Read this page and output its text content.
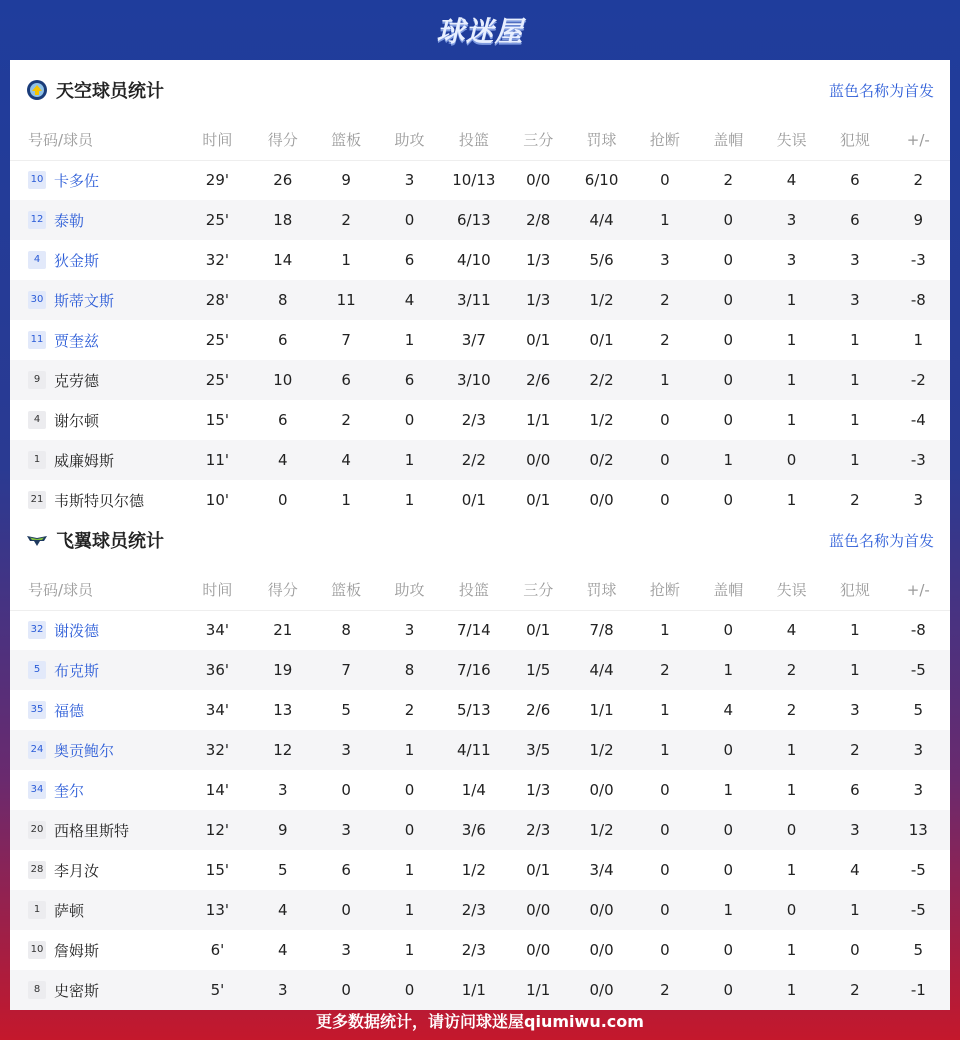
球迷屋
天空球员统计	蓝色名称为首发
号码/球员	时间	得分	篮板	助攻	投篮	三分	罚球	抢断	盖帽	失误	犯规	+/-
10 卡多佐	29'	26	9	3	10/13	0/0	6/10	0	2	4	6	2
12 泰勒	25'	18	2	0	6/13	2/8	4/4	1	0	3	6	9
4 狄金斯	32'	14	1	6	4/10	1/3	5/6	3	0	3	3	-3
30 斯蒂文斯	28'	8	11	4	3/11	1/3	1/2	2	0	1	3	-8
11 贾奎兹	25'	6	7	1	3/7	0/1	0/1	2	0	1	1	1
9 克劳德	25'	10	6	6	3/10	2/6	2/2	1	0	1	1	-2
4 谢尔顿	15'	6	2	0	2/3	1/1	1/2	0	0	1	1	-4
1 威廉姆斯	11'	4	4	1	2/2	0/0	0/2	0	1	0	1	-3
21 韦斯特贝尔德	10'	0	1	1	0/1	0/1	0/0	0	0	1	2	3
飞翼球员统计	蓝色名称为首发
号码/球员	时间	得分	篮板	助攻	投篮	三分	罚球	抢断	盖帽	失误	犯规	+/-
32 谢泼德	34'	21	8	3	7/14	0/1	7/8	1	0	4	1	-8
5 布克斯	36'	19	7	8	7/16	1/5	4/4	2	1	2	1	-5
35 福德	34'	13	5	2	5/13	2/6	1/1	1	4	2	3	5
24 奥贡鲍尔	32'	12	3	1	4/11	3/5	1/2	1	0	1	2	3
34 奎尔	14'	3	0	0	1/4	1/3	0/0	0	1	1	6	3
20 西格里斯特	12'	9	3	0	3/6	2/3	1/2	0	0	0	3	13
28 李月汝	15'	5	6	1	1/2	0/1	3/4	0	0	1	4	-5
1 萨顿	13'	4	0	1	2/3	0/0	0/0	0	1	0	1	-5
10 詹姆斯	6'	4	3	1	2/3	0/0	0/0	0	0	1	0	5
8 史密斯	5'	3	0	0	1/1	1/1	0/0	2	0	1	2	-1
更多数据统计，请访问球迷屋qiumiwu.com
